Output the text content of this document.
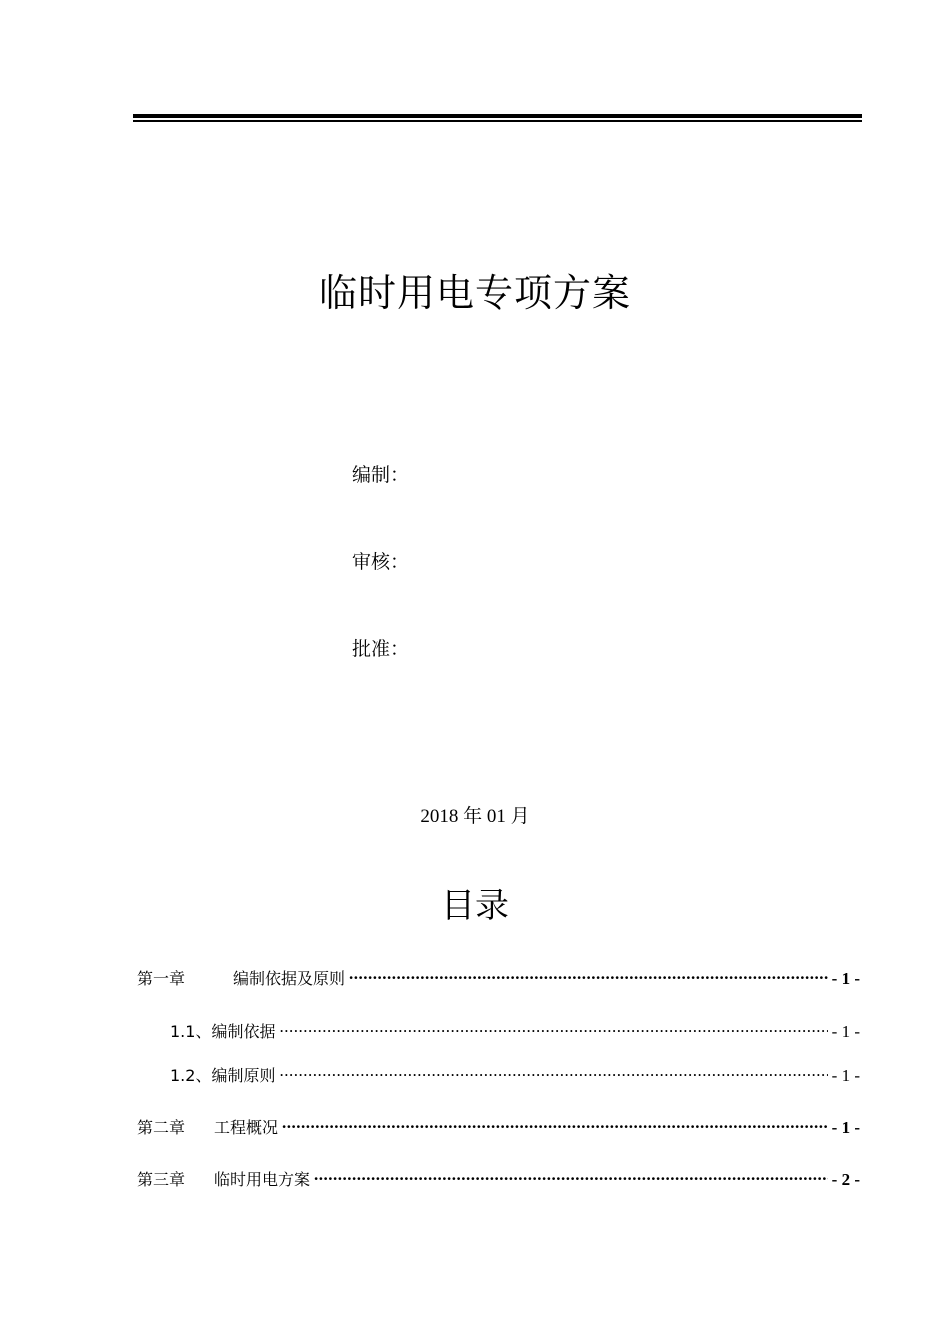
临时用电专项方案
编制：
审核：
批准：
2018 年 01 月
目录
第一章	编制依据及原则 .....	- 1 -
1.1、编制依据 .....	- 1 -
1.2、编制原则 .....	- 1 -
第二章	工程概况 .....	- 1 -
第三章	临时用电方案 .....	- 2 -
